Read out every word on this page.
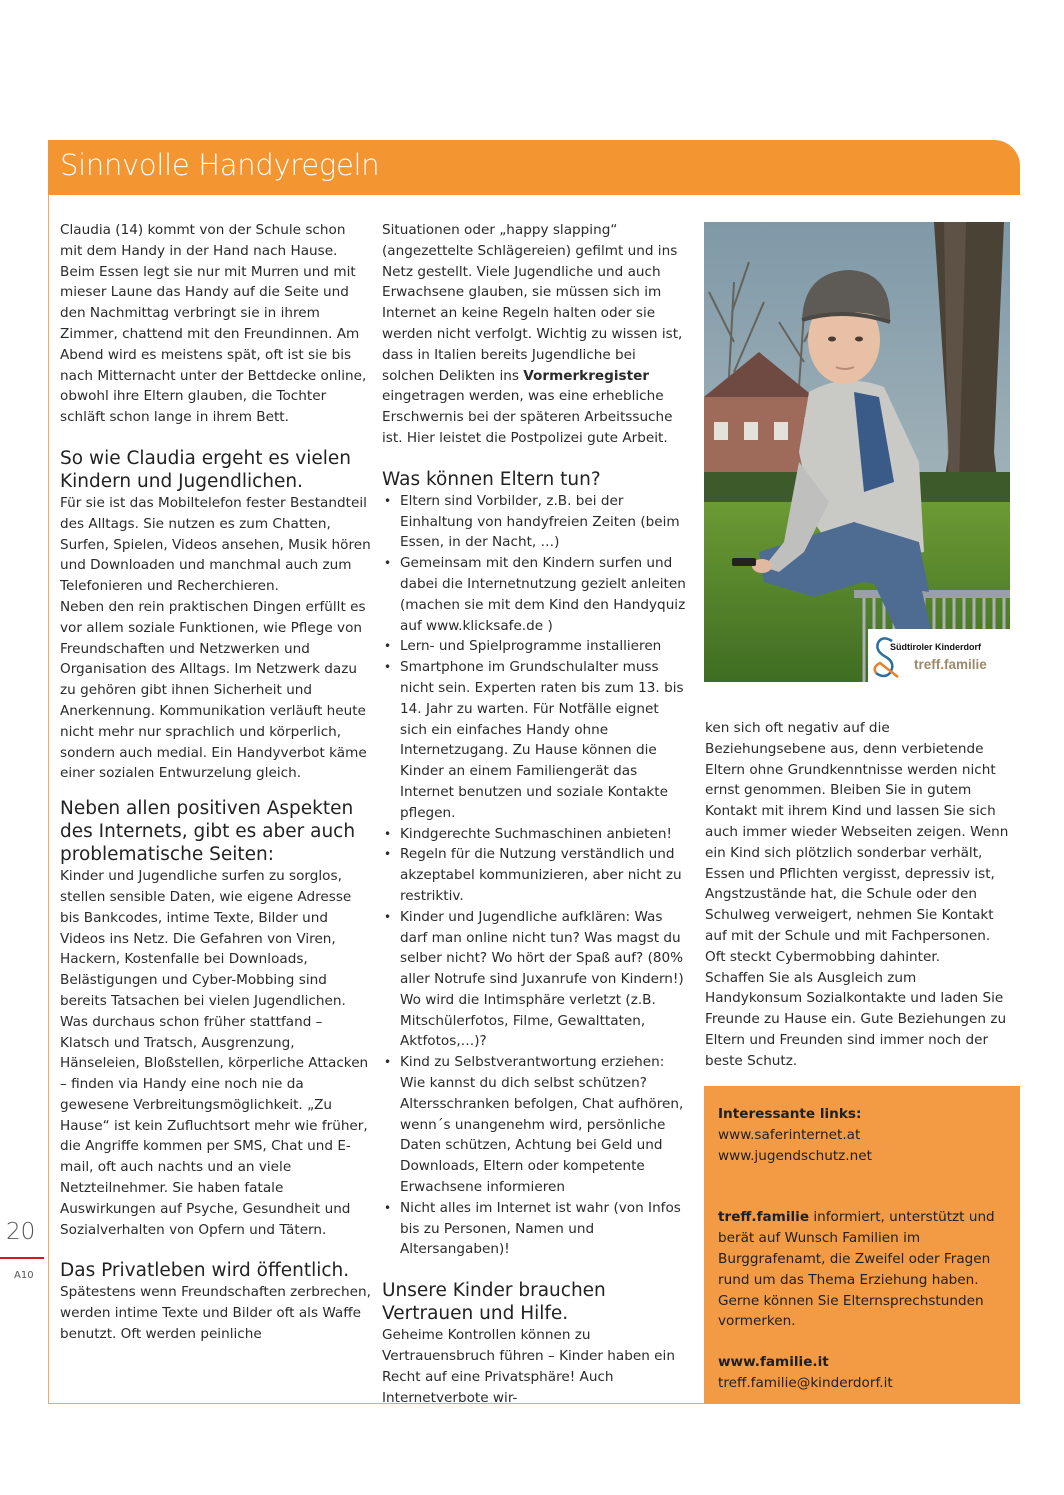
Sinnvolle Handyregeln

Claudia (14) kommt von der Schule schon mit dem Handy in der Hand nach Hause. Beim Essen legt sie nur mit Murren und mit mieser Laune das Handy auf die Seite und den Nachmittag verbringt sie in ihrem Zimmer, chattend mit den Freundinnen. Am Abend wird es meistens spät, oft ist sie bis nach Mitternacht unter der Bettdecke online, obwohl ihre Eltern glauben, die Tochter schläft schon lange in ihrem Bett.

So wie Claudia ergeht es vielen Kindern und Jugendlichen.

Für sie ist das Mobiltelefon fester Bestandteil des Alltags. Sie nutzen es zum Chatten, Surfen, Spielen, Videos ansehen, Musik hören und Downloaden und manchmal auch zum Telefonieren und Recherchieren.

Neben den rein praktischen Dingen erfüllt es vor allem soziale Funktionen, wie Pflege von Freundschaften und Netzwerken und Organisation des Alltags. Im Netzwerk dazu zu gehören gibt ihnen Sicherheit und Anerkennung. Kommunikation verläuft heute nicht mehr nur sprachlich und körperlich, sondern auch medial. Ein Handyverbot käme einer sozialen Entwurzelung gleich.

Neben allen positiven Aspekten des Internets, gibt es aber auch problematische Seiten:

Kinder und Jugendliche surfen zu sorglos, stellen sensible Daten, wie eigene Adresse bis Bankcodes, intime Texte, Bilder und Videos ins Netz. Die Gefahren von Viren, Hackern, Kostenfalle bei Downloads, Belästigungen und Cyber-Mobbing sind bereits Tatsachen bei vielen Jugendlichen.

Was durchaus schon früher stattfand – Klatsch und Tratsch, Ausgrenzung, Hänseleien, Bloßstellen, körperliche Attacken – finden via Handy eine noch nie da gewesene Verbreitungsmöglichkeit. „Zu Hause“ ist kein Zufluchtsort mehr wie früher, die Angriffe kommen per SMS, Chat und E-mail, oft auch nachts und an viele Netzteilnehmer. Sie haben fatale Auswirkungen auf Psyche, Gesundheit und Sozialverhalten von Opfern und Tätern.

Das Privatleben wird öffentlich.

Spätestens wenn Freundschaften zerbrechen, werden intime Texte und Bilder oft als Waffe benutzt. Oft werden peinliche

Situationen oder „happy slapping“ (angezettelte Schlägereien) gefilmt und ins Netz gestellt. Viele Jugendliche und auch Erwachsene glauben, sie müssen sich im Internet an keine Regeln halten oder sie werden nicht verfolgt. Wichtig zu wissen ist, dass in Italien bereits Jugendliche bei solchen Delikten ins Vormerkregister eingetragen werden, was eine erhebliche Erschwernis bei der späteren Arbeitssuche ist. Hier leistet die Postpolizei gute Arbeit.

Was können Eltern tun?
• Eltern sind Vorbilder, z.B. bei der Einhaltung von handyfreien Zeiten (beim Essen, in der Nacht, …)
• Gemeinsam mit den Kindern surfen und dabei die Internetnutzung gezielt anleiten (machen sie mit dem Kind den Handyquiz auf www.klicksafe.de )
• Lern- und Spielprogramme installieren
• Smartphone im Grundschulalter muss nicht sein. Experten raten bis zum 13. bis 14. Jahr zu warten. Für Notfälle eignet sich ein einfaches Handy ohne Internetzugang. Zu Hause können die Kinder an einem Familiengerät das Internet benutzen und soziale Kontakte pflegen.
• Kindgerechte Suchmaschinen anbieten!
• Regeln für die Nutzung verständlich und akzeptabel kommunizieren, aber nicht zu restriktiv.
• Kinder und Jugendliche aufklären: Was darf man online nicht tun? Was magst du selber nicht? Wo hört der Spaß auf? (80% aller Notrufe sind Juxanrufe von Kindern!) Wo wird die Intimsphäre verletzt (z.B. Mitschülerfotos, Filme, Gewalttaten, Aktfotos,…)?
• Kind zu Selbstverantwortung erziehen: Wie kannst du dich selbst schützen? Altersschranken befolgen, Chat aufhören, wenn´s unangenehm wird, persönliche Daten schützen, Achtung bei Geld und Downloads, Eltern oder kompetente Erwachsene informieren
• Nicht alles im Internet ist wahr (von Infos bis zu Personen, Namen und Altersangaben)!
Unsere Kinder brauchen Vertrauen und Hilfe.

Geheime Kontrollen können zu Vertrauensbruch führen – Kinder haben ein Recht auf eine Privatsphäre! Auch Internetverbote wir-

Südtiroler Kinderdorf
treff.familie

ken sich oft negativ auf die Beziehungsebene aus, denn verbietende Eltern ohne Grundkenntnisse werden nicht ernst genommen. Bleiben Sie in gutem Kontakt mit ihrem Kind und lassen Sie sich auch immer wieder Webseiten zeigen. Wenn ein Kind sich plötzlich sonderbar verhält, Essen und Pflichten vergisst, depressiv ist, Angstzustände hat, die Schule oder den Schulweg verweigert, nehmen Sie Kontakt auf mit der Schule und mit Fachpersonen. Oft steckt Cybermobbing dahinter.

Schaffen Sie als Ausgleich zum Handykonsum Sozialkontakte und laden Sie Freunde zu Hause ein. Gute Beziehungen zu Eltern und Freunden sind immer noch der beste Schutz.

Interessante links:

www.saferinternet.at

www.jugendschutz.net

treff.familie informiert, unterstützt und berät auf Wunsch Familien im Burggrafenamt, die Zweifel oder Fragen rund um das Thema Erziehung haben. Gerne können Sie Elternsprechstunden vormerken.

www.familie.it

treff.familie@kinderdorf.it

20
A10
